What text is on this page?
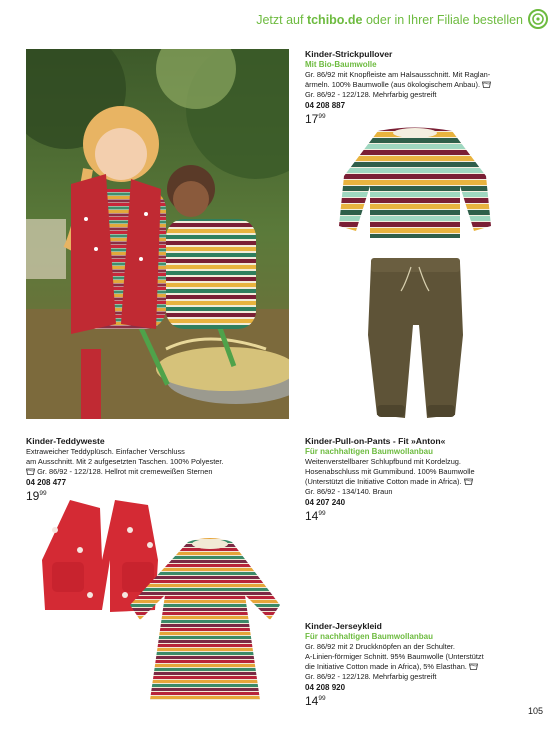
Jetzt auf tchibo.de oder in Ihrer Filiale bestellen
Kinder-Strickpullover
Mit Bio-Baumwolle
Gr. 86/92 mit Knopfleiste am Halsausschnitt. Mit Raglan-
ärmeln. 100% Baumwolle (aus ökologischem Anbau).
Gr. 86/92 - 122/128. Mehrfarbig gestreift
04 208 887
$17^{99}$
Kinder-Teddyweste
Extraweicher Teddyplüsch. Einfacher Verschluss
am Ausschnitt. Mit 2 aufgesetzten Taschen. 100% Polyester.
Gr. 86/92 - 122/128. Hellrot mit cremeweißen Sternen
04 208 477
$19^{99}$
Kinder-Pull-on-Pants - Fit »Anton«
Für nachhaltigen Baumwollanbau
Weitenverstellbarer Schlupfbund mit Kordelzug.
Hosenabschluss mit Gummibund. 100% Baumwolle
(Unterstützt die Initiative Cotton made in Africa).
Gr. 86/92 - 134/140. Braun
04 207 240
$14^{99}$
Kinder-Jerseykleid
Für nachhaltigen Baumwollanbau
Gr. 86/92 mit 2 Druckknöpfen an der Schulter.
A-Linien-förmiger Schnitt. 95% Baumwolle (Unterstützt
die Initiative Cotton made in Africa), 5% Elasthan.
Gr. 86/92 - 122/128. Mehrfarbig gestreift
04 208 920
$14^{99}$
105
